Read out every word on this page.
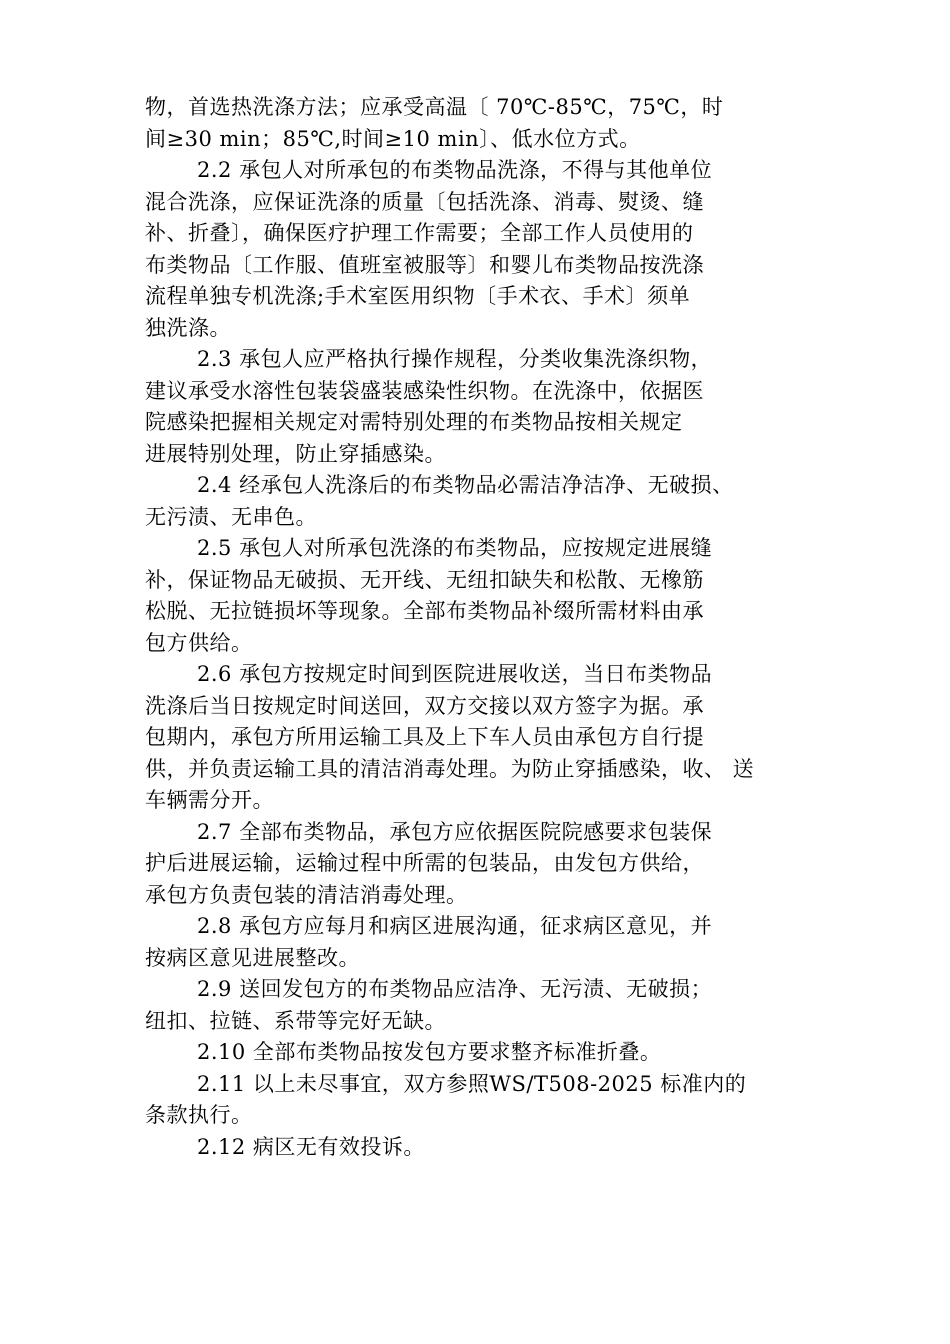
物，首选热洗涤方法；应承受高温〔 70℃-85℃，75℃，时
间≥30 min；85℃,时间≥10 min〕、低水位方式。
2.2 承包人对所承包的布类物品洗涤，不得与其他单位
混合洗涤，应保证洗涤的质量〔包括洗涤、消毒、熨烫、缝
补、折叠〕，确保医疗护理工作需要；全部工作人员使用的
布类物品〔工作服、值班室被服等〕和婴儿布类物品按洗涤
流程单独专机洗涤;手术室医用织物〔手术衣、手术〕须单
独洗涤。
2.3 承包人应严格执行操作规程，分类收集洗涤织物，
建议承受水溶性包装袋盛装感染性织物。在洗涤中，依据医
院感染把握相关规定对需特别处理的布类物品按相关规定
进展特别处理，防止穿插感染。
2.4 经承包人洗涤后的布类物品必需洁净洁净、无破损、
无污渍、无串色。
2.5 承包人对所承包洗涤的布类物品，应按规定进展缝
补，保证物品无破损、无开线、无纽扣缺失和松散、无橡筋
松脱、无拉链损坏等现象。全部布类物品补缀所需材料由承
包方供给。
2.6 承包方按规定时间到医院进展收送，当日布类物品
洗涤后当日按规定时间送回，双方交接以双方签字为据。承
包期内，承包方所用运输工具及上下车人员由承包方自行提
供，并负责运输工具的清洁消毒处理。为防止穿插感染，收、 送
车辆需分开。
2.7 全部布类物品，承包方应依据医院院感要求包装保
护后进展运输，运输过程中所需的包装品，由发包方供给，
承包方负责包装的清洁消毒处理。
2.8 承包方应每月和病区进展沟通，征求病区意见，并
按病区意见进展整改。
2.9 送回发包方的布类物品应洁净、无污渍、无破损；
纽扣、拉链、系带等完好无缺。
2.10 全部布类物品按发包方要求整齐标准折叠。
2.11 以上未尽事宜，双方参照WS/T508-2025 标准内的
条款执行。
2.12 病区无有效投诉。
